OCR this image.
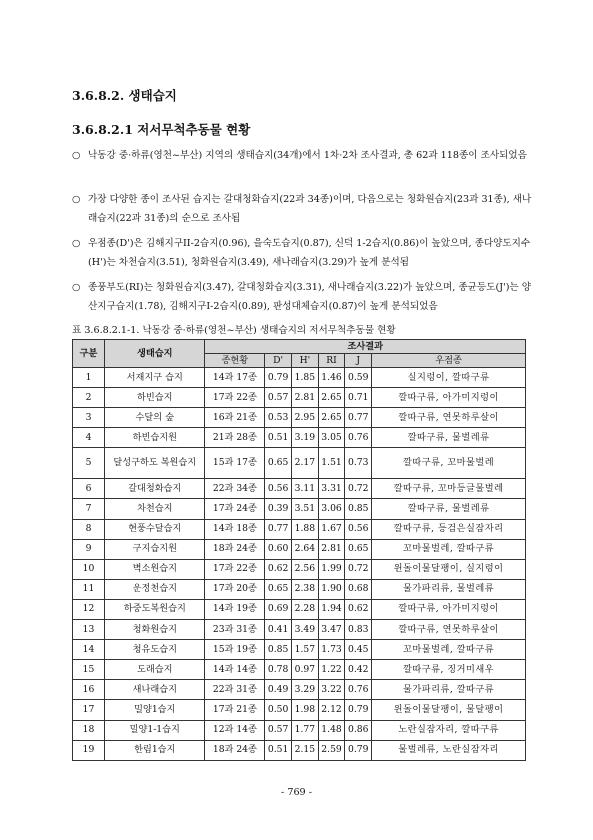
3.6.8.2. 생태습지
3.6.8.2.1 저서무척추동물 현황
○ 낙동강 중·하류(영천~부산) 지역의 생태습지(34개)에서 1차·2차 조사결과, 총 62과 118종이 조사되었음
○ 가장 다양한 종이 조사된 습지는 갈대청화습지(22과 34종)이며, 다음으로는 청화원습지(23과 31종), 새나래습지(22과 31종)의 순으로 조사됨
○ 우점종(D')은 김해지구II-2습지(0.96), 을숙도습지(0.87), 신덕 1-2습지(0.86)이 높았으며, 종다양도지수(H')는 차천습지(3.51), 청화원습지(3.49), 새나래습지(3.29)가 높게 분석됨
○ 종풍부도(RI)는 청화원습지(3.47), 갈대청화습지(3.31), 새나래습지(3.22)가 높았으며, 종균등도(J')는 양산지구습지(1.78), 김해지구I-2습지(0.89), 판성대체습지(0.87)이 높게 분석되었음
표 3.6.8.2.1-1. 낙동강 중·하류(영천~부산) 생태습지의 저서무척추동물 현황
구분	생태습지	조사결과					
		종현황	D'	H'	RI	J	우점종
1	서재지구 습지	14과 17종	0.79	1.85	1.46	0.59	실지렁이, 깔따구류
2	하빈습지	17과 22종	0.57	2.81	2.65	0.71	깔따구류, 아가미지렁이
3	수달의 숲	16과 21종	0.53	2.95	2.65	0.77	깔따구류, 연못하루살이
4	하빈습지원	21과 28종	0.51	3.19	3.05	0.76	깔따구류, 물벌레류
5	달성구하도 복원습지	15과 17종	0.65	2.17	1.51	0.73	깔따구류, 꼬마물벌레
6	갈대청화습지	22과 34종	0.56	3.11	3.31	0.72	깔따구류, 꼬마등글물벌레
7	차천습지	17과 24종	0.39	3.51	3.06	0.85	깔따구류, 물벌레류
8	현풍수달습지	14과 18종	0.77	1.88	1.67	0.56	깔따구류, 등검은실잠자리
9	구지습지원	18과 24종	0.60	2.64	2.81	0.65	꼬마물벌레, 깔따구류
10	벽소원습지	17과 22종	0.62	2.56	1.99	0.72	윈돌이물달팽이, 실지렁이
11	운정천습지	17과 20종	0.65	2.38	1.90	0.68	물가파리류, 물벌레류
12	하중도복원습지	14과 19종	0.69	2.28	1.94	0.62	깔따구류, 아가미지렁이
13	청화원습지	23과 31종	0.41	3.49	3.47	0.83	깔따구류, 연못하루살이
14	청유도습지	15과 19종	0.85	1.57	1.73	0.45	꼬마물벌레, 깔따구류
15	도래습지	14과 14종	0.78	0.97	1.22	0.42	깔따구류, 징거미새우
16	새나래습지	22과 31종	0.49	3.29	3.22	0.76	물가파리류, 깔따구류
17	밀양1습지	17과 21종	0.50	1.98	2.12	0.79	윈돌이물달팽이, 물달팽이
18	밀양1-1습지	12과 14종	0.57	1.77	1.48	0.86	노란실잠자리, 깔따구류
19	한림1습지	18과 24종	0.51	2.15	2.59	0.79	물벌레류, 노란실잠자리
- 769 -
